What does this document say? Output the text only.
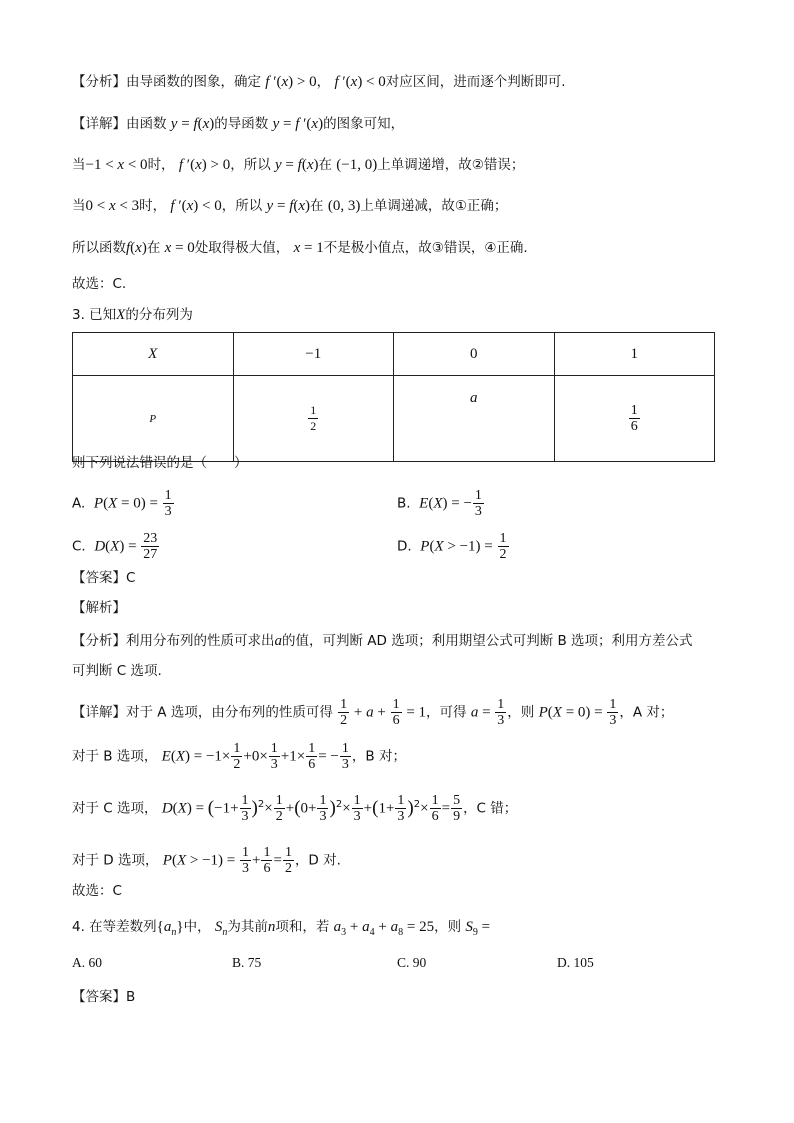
【分析】由导函数的图象，确定 f ′(x) > 0， f ′(x) < 0对应区间，进而逐个判断即可.
【详解】由函数 y = f(x)的导函数 y = f ′(x)的图象可知，
当−1 < x < 0时， f ′(x) > 0，所以 y = f(x)在 (−1, 0)上单调递增，故②错误；
当0 < x < 3时， f ′(x) < 0，所以 y = f(x)在 (0, 3)上单调递减，故①正确；
所以函数f(x)在 x = 0处取得极大值， x = 1不是极小值点，故③错误，④正确.
故选：C.
3. 已知X的分布列为
X	−1	0	1
P	$\frac{1}{2}$	a	$\frac{1}{6}$
则下列说法错误的是（　　）
A. $P(X = 0) = \frac{1}{3}$	B. E(X) = − $\frac{1}{3}$
C. $D(X) = \frac{23}{27}$	D. $P(X > -1) = \frac{1}{2}$
【答案】C
【解析】
【分析】利用分布列的性质可求出a的值，可判断 AD 选项；利用期望公式可判断 B 选项；利用方差公式
可判断 C 选项.
【详解】对于 A 选项，由分布列的性质可得 $\frac{1}{2} + a + \frac{1}{6} = 1$，可得 $a = \frac{1}{3}$ ，则 $P(X = 0) = \frac{1}{3}$ ，A 对；
对于 B 选项， $E(X) = -1\times \frac{1}{2} +0\times \frac{1}{3} +1\times \frac{1}{6}$ = − $\frac{1}{3}$ ，B 对；
对于 C 选项， $D(X) = (-1+ \frac{1}{3} )^2\times \frac{1}{2} +(0+ \frac{1}{3} )^2\times \frac{1}{3} +(1+ \frac{1}{3} )^2\times \frac{1}{6} = \frac{5}{9}$ ，C 错；
对于 D 选项， $P(X > -1) = \frac{1}{3} + \frac{1}{6} = \frac{1}{2}$ ，D 对.
故选：C
4. 在等差数列$\{a_n\}$中， $S_n$为其前n项和，若 $a_3 + a_4 + a_8 = 25$，则 $S_9$ =
A. 60	B. 75	C. 90	D. 105
【答案】B
